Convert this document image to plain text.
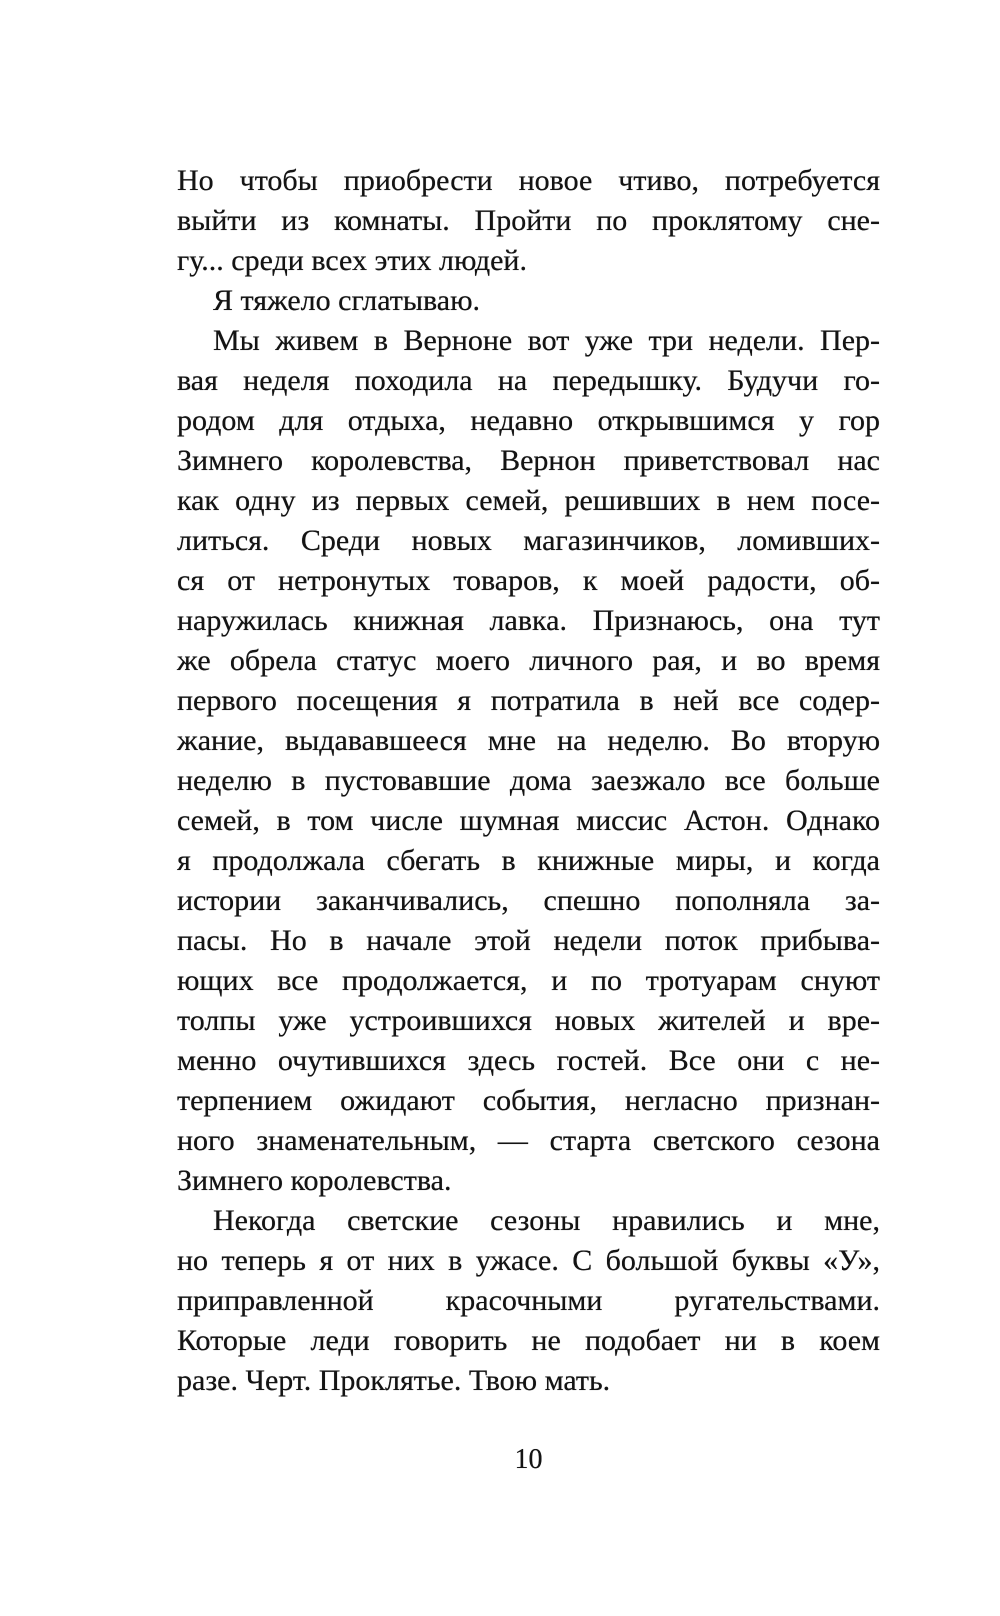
Но чтобы приобрести новое чтиво, потребуется
выйти из комнаты. Пройти по проклятому сне-
гу... среди всех этих людей.
Я тяжело сглатываю.
Мы живем в Верноне вот уже три недели. Пер-
вая неделя походила на передышку. Будучи го-
родом для отдыха, недавно открывшимся у гор
Зимнего королевства, Вернон приветствовал нас
как одну из первых семей, решивших в нем посе-
литься. Среди новых магазинчиков, ломивших-
ся от нетронутых товаров, к моей радости, об-
наружилась книжная лавка. Признаюсь, она тут
же обрела статус моего личного рая, и во время
первого посещения я потратила в ней все содер-
жание, выдававшееся мне на неделю. Во вторую
неделю в пустовавшие дома заезжало все больше
семей, в том числе шумная миссис Астон. Однако
я продолжала сбегать в книжные миры, и когда
истории заканчивались, спешно пополняла за-
пасы. Но в начале этой недели поток прибыва-
ющих все продолжается, и по тротуарам снуют
толпы уже устроившихся новых жителей и вре-
менно очутившихся здесь гостей. Все они с не-
терпением ожидают события, негласно признан-
ного знаменательным, — старта светского сезона
Зимнего королевства.
Некогда светские сезоны нравились и мне,
но теперь я от них в ужасе. С большой буквы «У»,
приправленной красочными ругательствами.
Которые леди говорить не подобает ни в коем
разе. Черт. Проклятье. Твою мать.
10
